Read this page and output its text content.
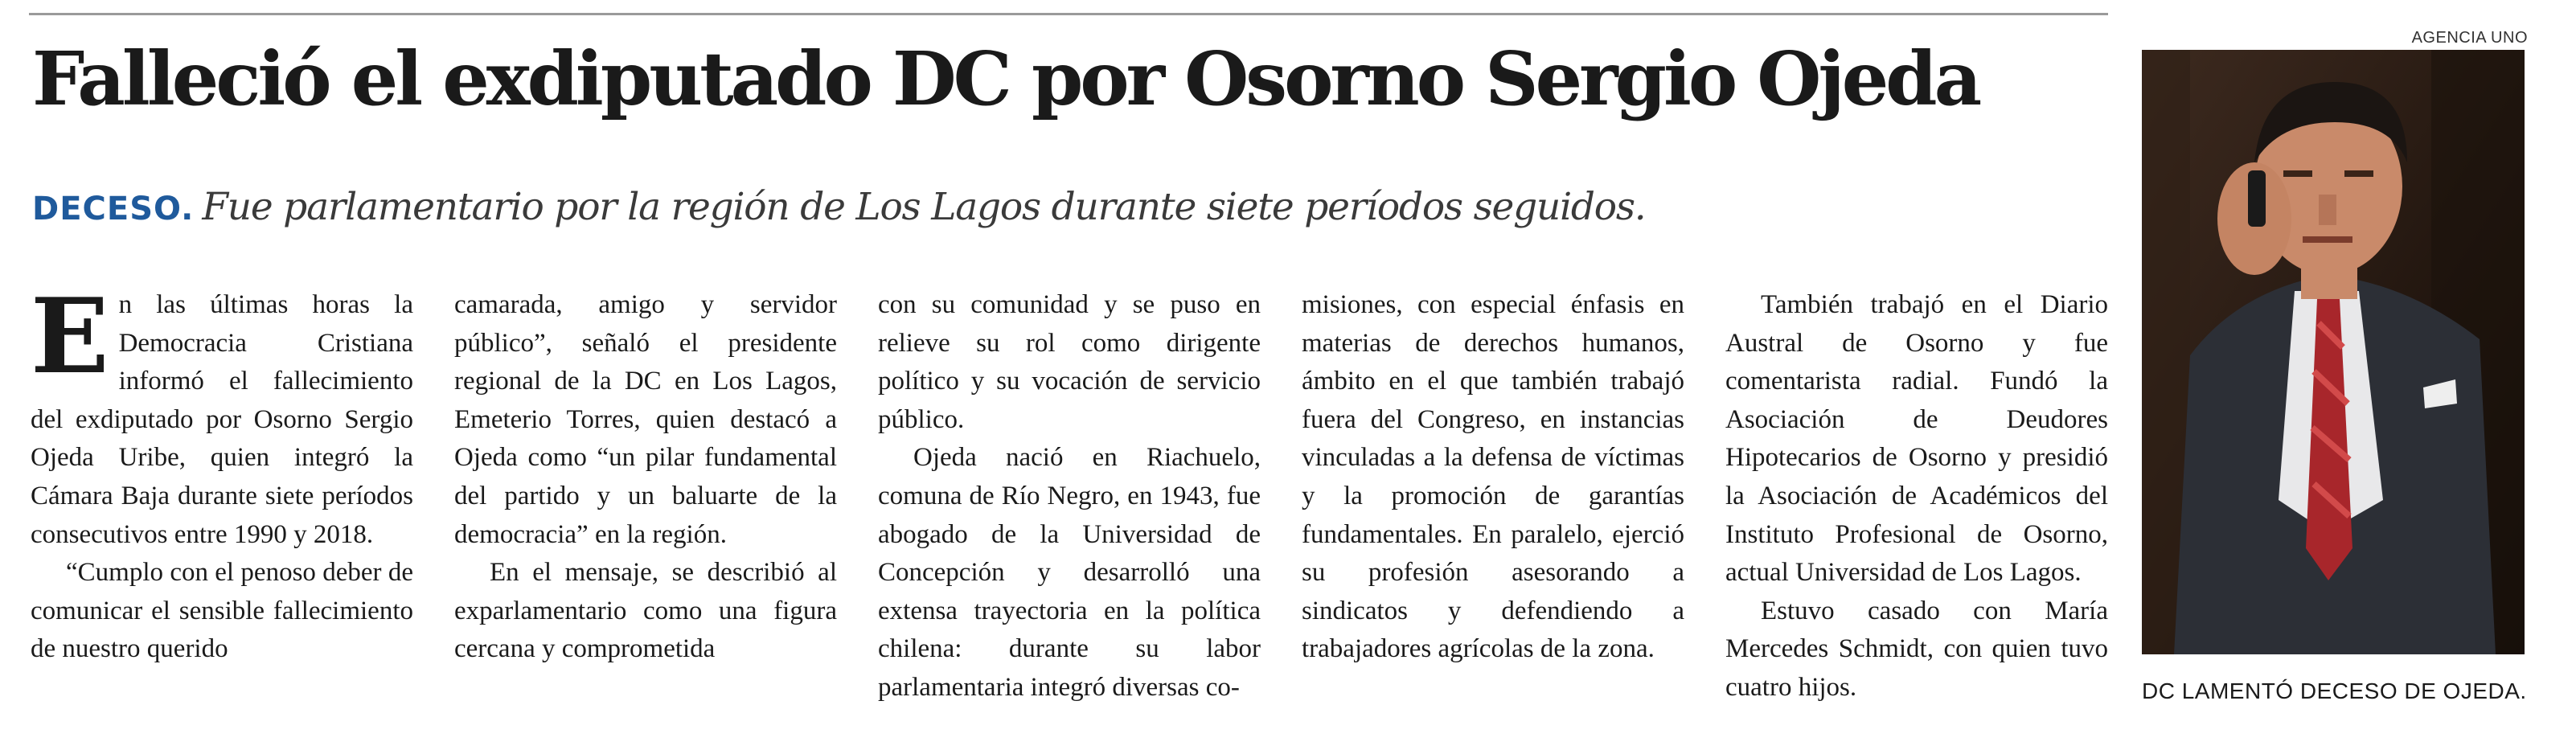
Falleció el exdiputado DC por Osorno Sergio Ojeda
DECESO. Fue parlamentario por la región de Los Lagos durante siete períodos seguidos.

En las últimas horas la Democracia Cristiana informó el fallecimiento del exdiputado por Osorno Sergio Ojeda Uribe, quien integró la Cámara Baja durante siete períodos consecutivos entre 1990 y 2018.

“Cumplo con el penoso deber de comunicar el sensible fallecimiento de nuestro querido

camarada, amigo y servidor público”, señaló el presidente regional de la DC en Los Lagos, Emeterio Torres, quien destacó a Ojeda como “un pilar fundamental del partido y un baluarte de la democracia” en la región.

En el mensaje, se describió al exparlamentario como una figura cercana y comprometida

con su comunidad y se puso en relieve su rol como dirigente político y su vocación de servicio público.

Ojeda nació en Riachuelo, comuna de Río Negro, en 1943, fue abogado de la Universidad de Concepción y desarrolló una extensa trayectoria en la política chilena: durante su labor parlamentaria integró diversas co-

misiones, con especial énfasis en materias de derechos humanos, ámbito en el que también trabajó fuera del Congreso, en instancias vinculadas a la defensa de víctimas y la promoción de garantías fundamentales. En paralelo, ejerció su profesión asesorando a sindicatos y defendiendo a trabajadores agrícolas de la zona.

También trabajó en el Diario Austral de Osorno y fue comentarista radial. Fundó la Asociación de Deudores Hipotecarios de Osorno y presidió la Asociación de Académicos del Instituto Profesional de Osorno, actual Universidad de Los Lagos.

Estuvo casado con María Mercedes Schmidt, con quien tuvo cuatro hijos.

AGENCIA UNO
DC LAMENTÓ DECESO DE OJEDA.
